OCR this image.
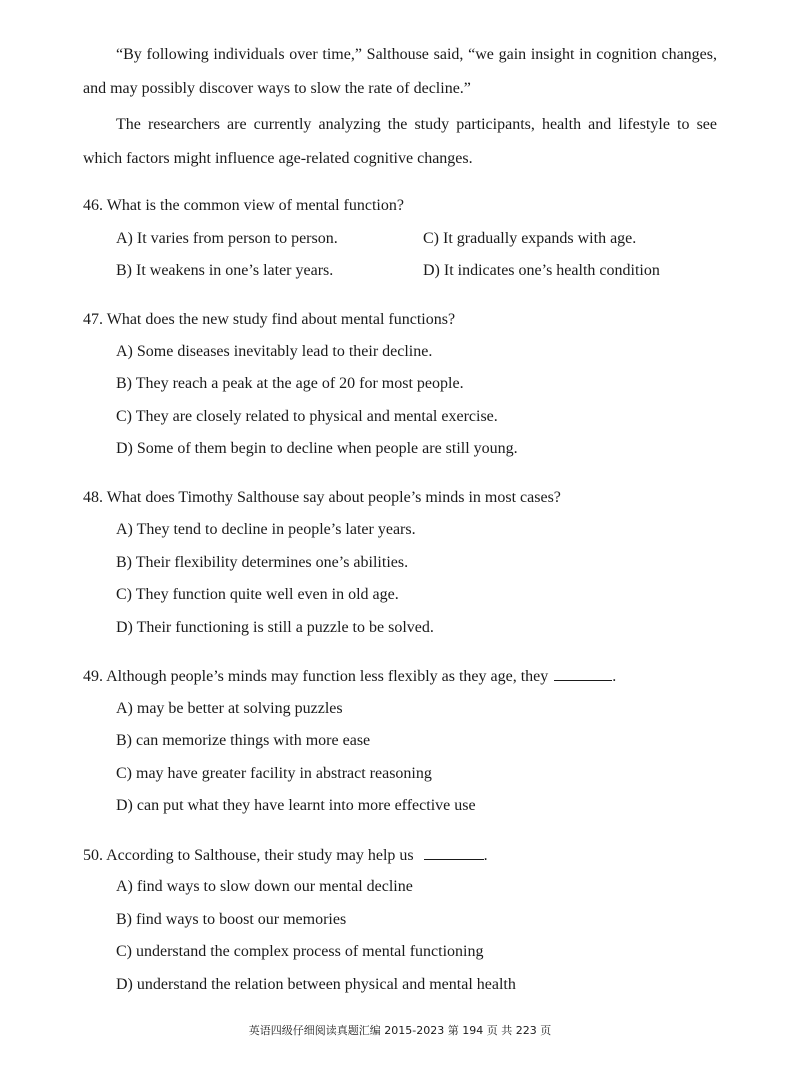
“By following individuals over time,” Salthouse said, “we gain insight in cognition changes, and may possibly discover ways to slow the rate of decline.”

The researchers are currently analyzing the study participants, health and lifestyle to see which factors might influence age-related cognitive changes.

46. What is the common view of mental function?

A) It varies from person to person.	C) It gradually expands with age.

B) It weakens in one’s later years.	D) It indicates one’s health condition

47. What does the new study find about mental functions?

A) Some diseases inevitably lead to their decline.

B) They reach a peak at the age of 20 for most people.

C) They are closely related to physical and mental exercise.

D) Some of them begin to decline when people are still young.

48. What does Timothy Salthouse say about people’s minds in most cases?

A) They tend to decline in people’s later years.

B) Their flexibility determines one’s abilities.

C) They function quite well even in old age.

D) Their functioning is still a puzzle to be solved.

49. Although people’s minds may function less flexibly as they age, they	.

A) may be better at solving puzzles

B) can memorize things with more ease

C) may have greater facility in abstract reasoning

D) can put what they have learnt into more effective use

50. According to Salthouse, their study may help us	.

A) find ways to slow down our mental decline

B) find ways to boost our memories

C) understand the complex process of mental functioning

D) understand the relation between physical and mental health

英语四级仔细阅读真题汇编 2015-2023 第 194 页 共 223 页
